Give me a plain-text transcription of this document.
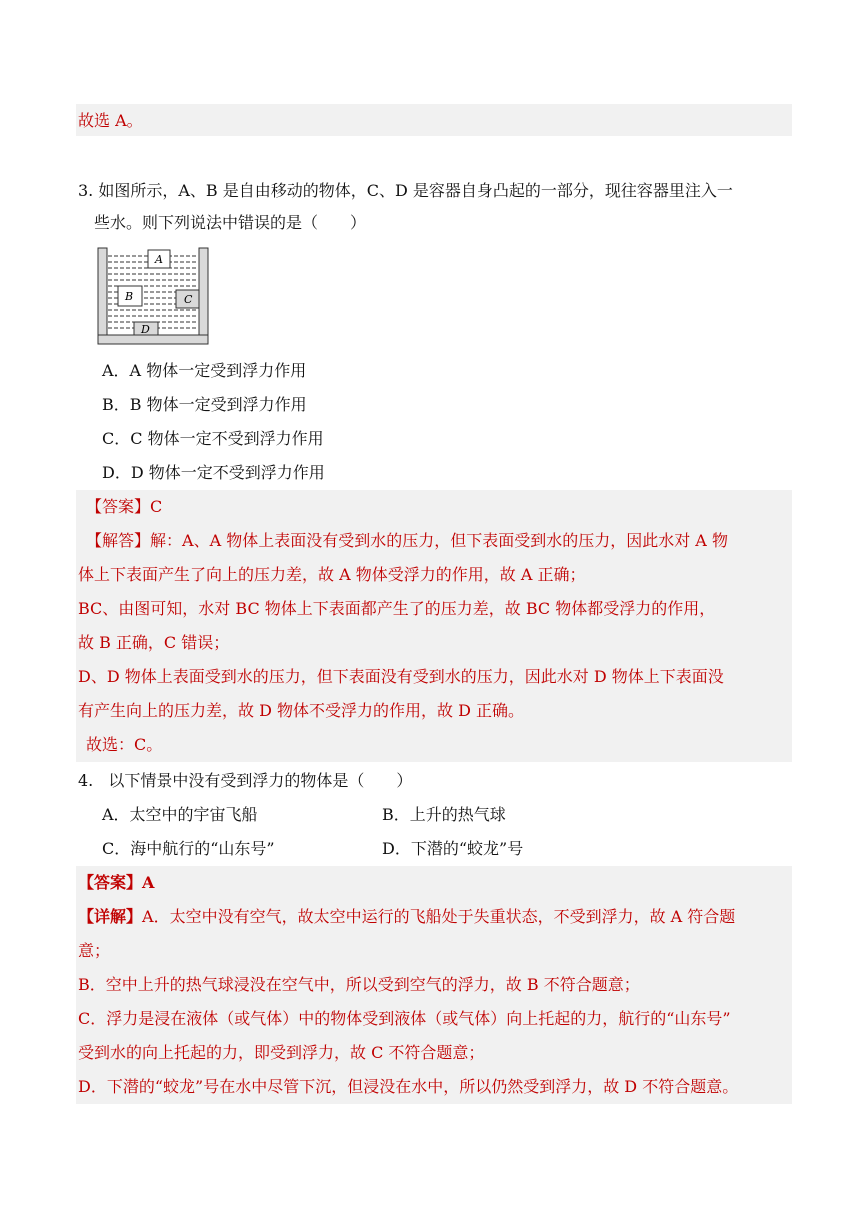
故选 A。
3. 如图所示，A、B 是自由移动的物体，C、D 是容器自身凸起的一部分，现往容器里注入一
些水。则下列说法中错误的是（　　）
A
B	C
D
A．A 物体一定受到浮力作用
B．B 物体一定受到浮力作用
C．C 物体一定不受到浮力作用
D．D 物体一定不受到浮力作用
【答案】C
【解答】解：A、A 物体上表面没有受到水的压力，但下表面受到水的压力，因此水对 A 物
体上下表面产生了向上的压力差，故 A 物体受浮力的作用，故 A 正确；
BC、由图可知，水对 BC 物体上下表面都产生了的压力差，故 BC 物体都受浮力的作用，
故 B 正确，C 错误；
D、D 物体上表面受到水的压力，但下表面没有受到水的压力，因此水对 D 物体上下表面没
有产生向上的压力差，故 D 物体不受浮力的作用，故 D 正确。
故选：C。
4. 以下情景中没有受到浮力的物体是（　　）
A．太空中的宇宙飞船	B．上升的热气球
C．海中航行的“山东号”	D．下潜的“蛟龙”号
【答案】A
【详解】A．太空中没有空气，故太空中运行的飞船处于失重状态，不受到浮力，故 A 符合题
意；
B．空中上升的热气球浸没在空气中，所以受到空气的浮力，故 B 不符合题意；
C．浮力是浸在液体（或气体）中的物体受到液体（或气体）向上托起的力，航行的“山东号”
受到水的向上托起的力，即受到浮力，故 C 不符合题意；
D．下潜的“蛟龙”号在水中尽管下沉，但浸没在水中，所以仍然受到浮力，故 D 不符合题意。
